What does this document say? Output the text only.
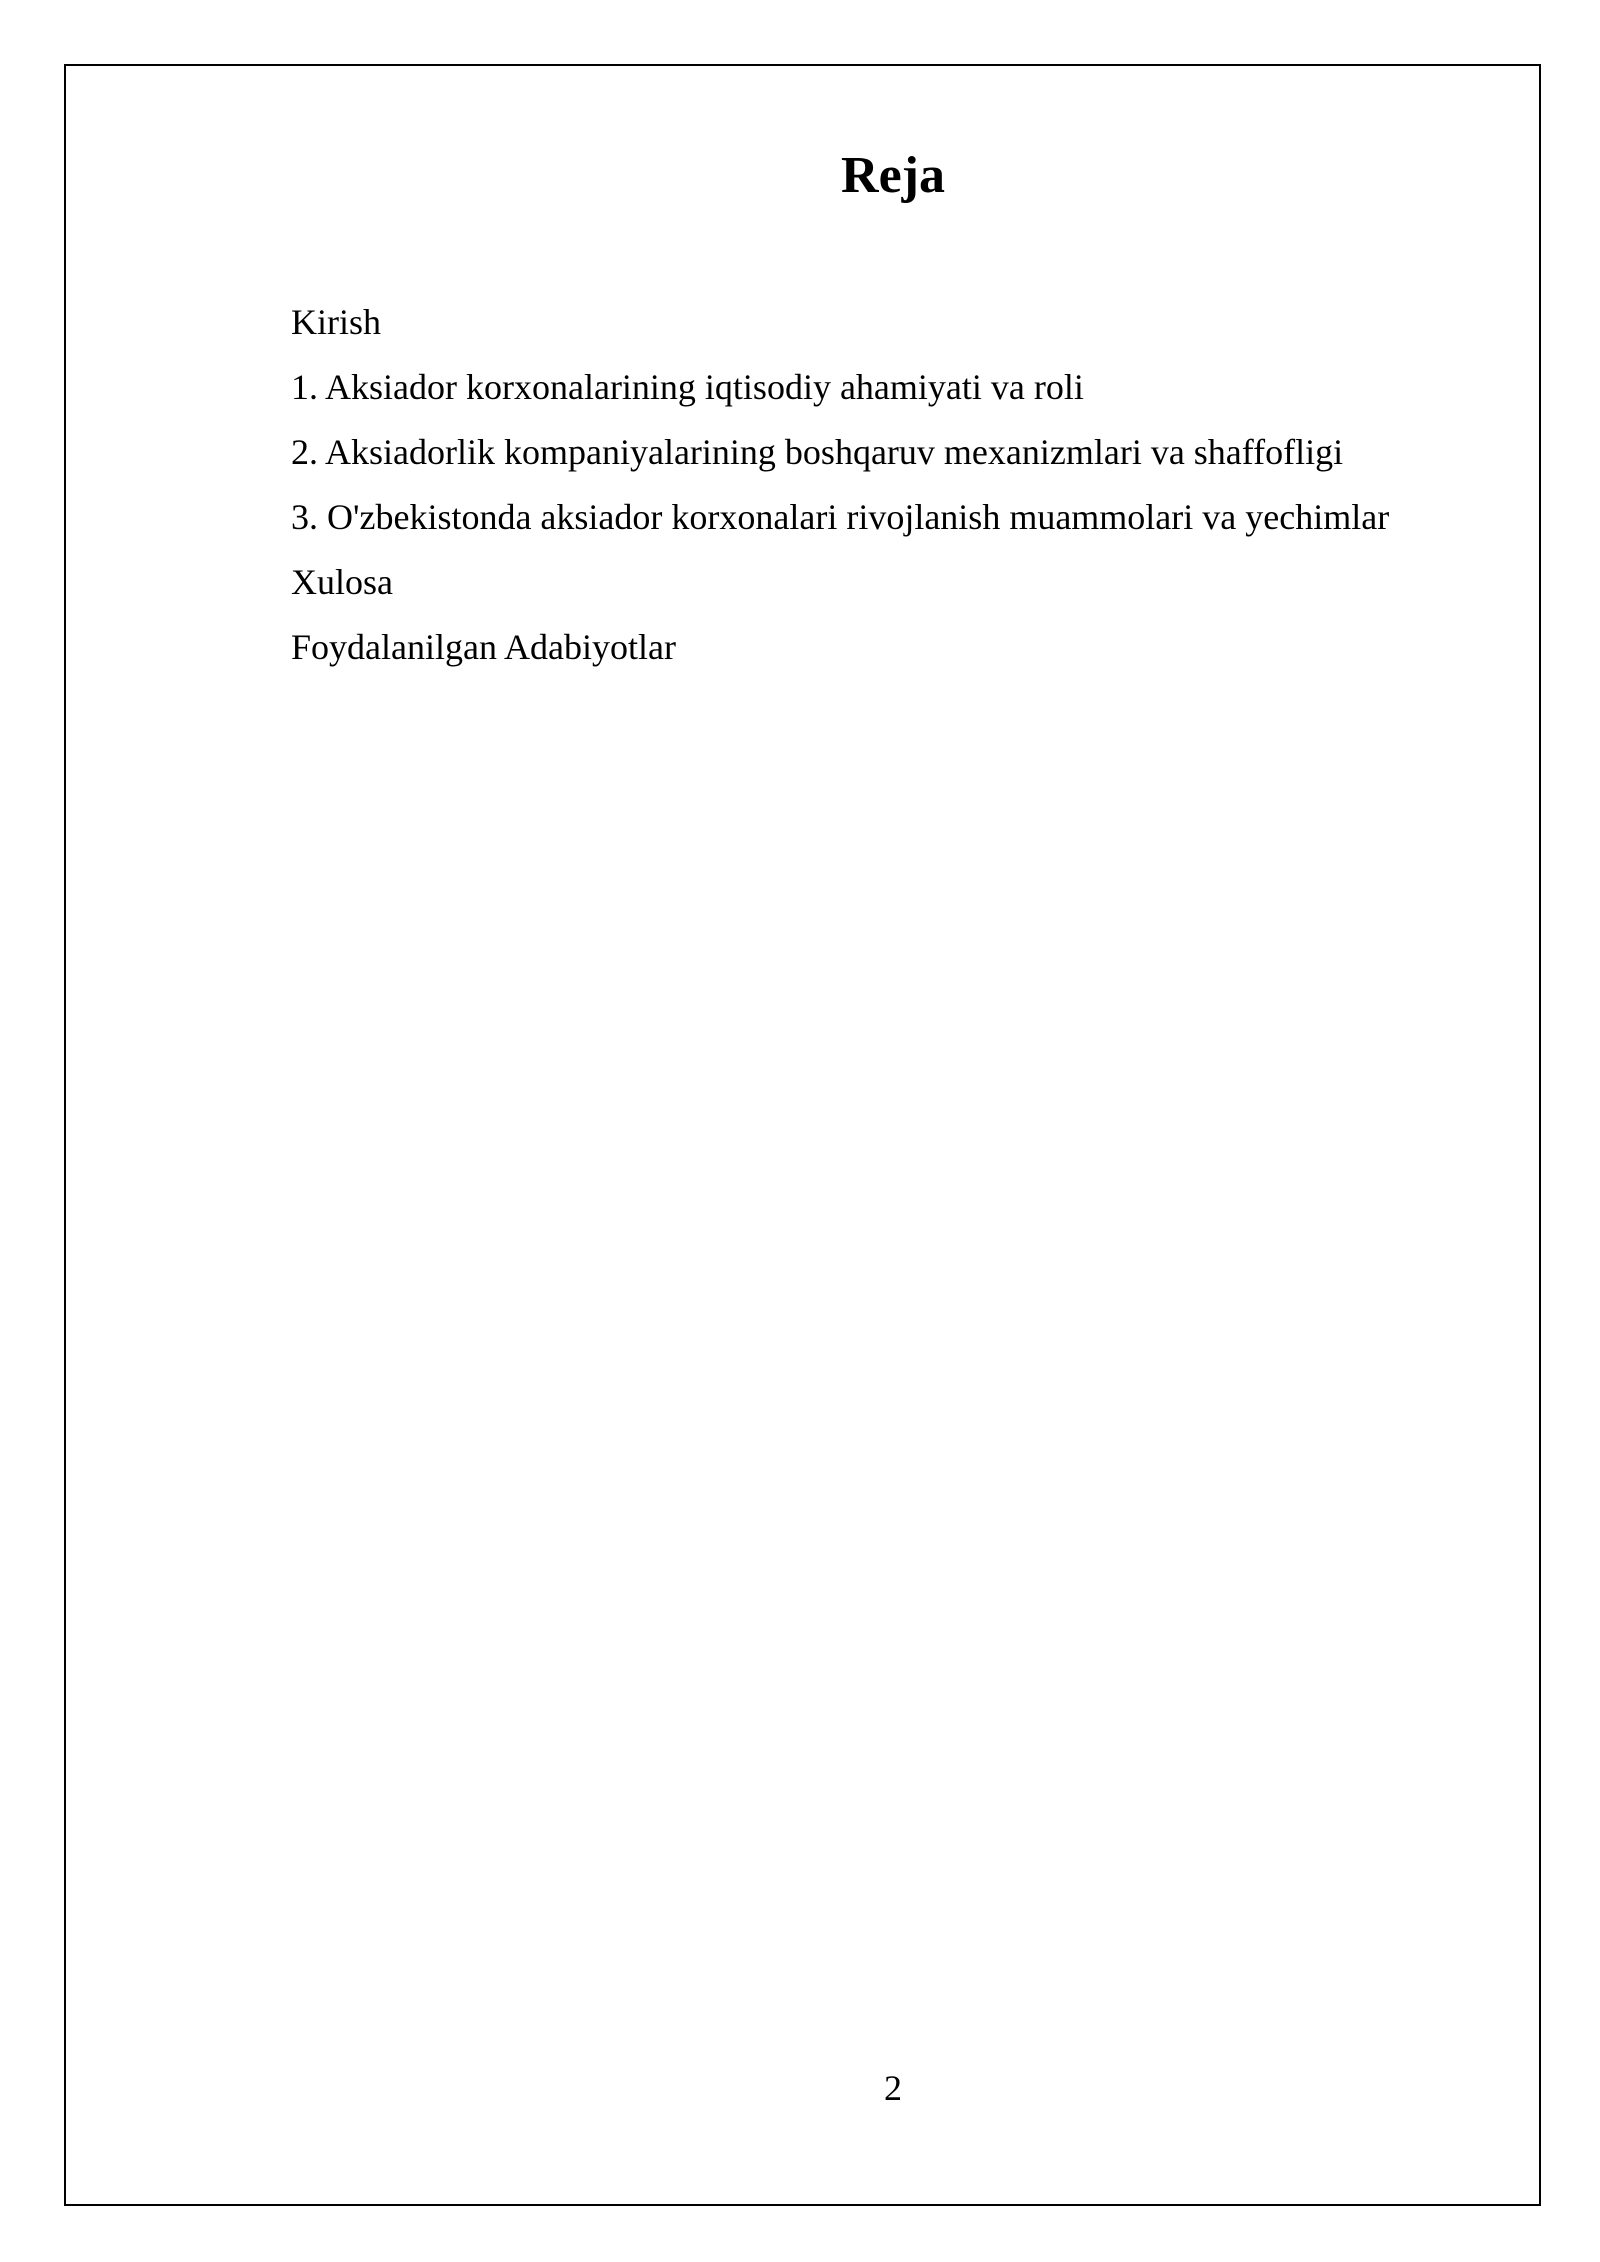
Reja
Kirish
1. Aksiador korxonalarining iqtisodiy ahamiyati va roli
2. Aksiadorlik kompaniyalarining boshqaruv mexanizmlari va shaffofligi
3. O'zbekistonda aksiador korxonalari rivojlanish muammolari va yechimlar
Xulosa
Foydalanilgan Adabiyotlar
2
